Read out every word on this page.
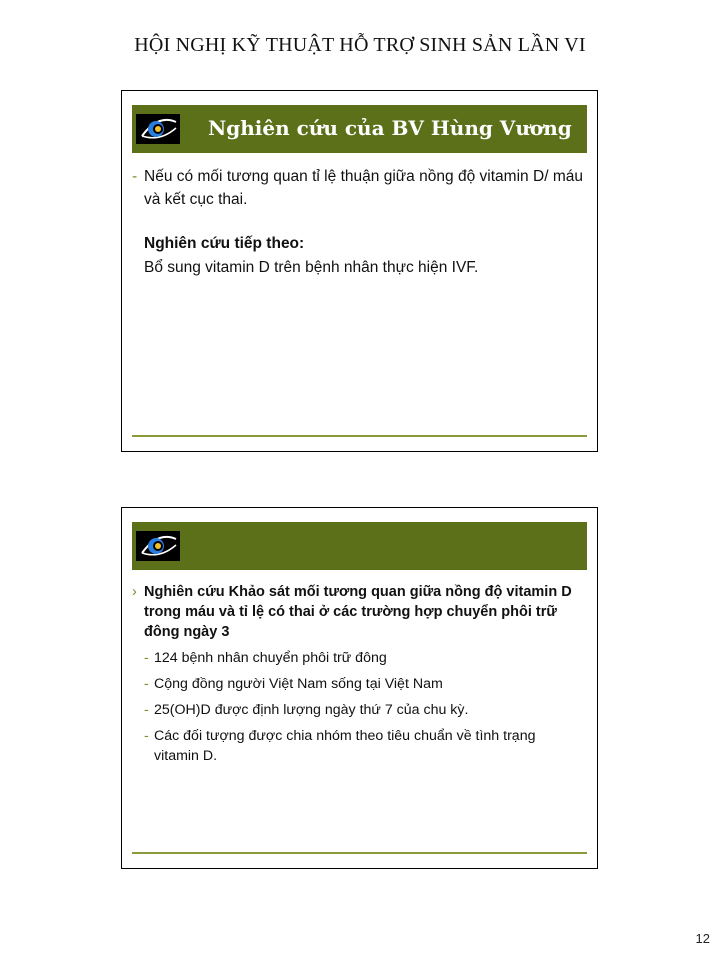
HỘI NGHỊ KỸ THUẬT HỖ TRỢ SINH SẢN LẦN VI
Nghiên cứu của BV Hùng Vương
- Nếu có mối tương quan tỉ lệ thuận giữa nồng độ vitamin D/ máu và kết cục thai.
Nghiên cứu tiếp theo:
Bổ sung vitamin D trên bệnh nhân thực hiện IVF.
› Nghiên cứu Khảo sát mối tương quan giữa nồng độ vitamin D trong máu và tỉ lệ có thai ở các trường hợp chuyển phôi trữ đông ngày 3
- 124 bệnh nhân chuyển phôi trữ đông
- Cộng đồng người Việt Nam sống tại Việt Nam
- 25(OH)D được định lượng ngày thứ 7 của chu kỳ.
- Các đối tượng được chia nhóm theo tiêu chuẩn về tình trạng vitamin D.
12
